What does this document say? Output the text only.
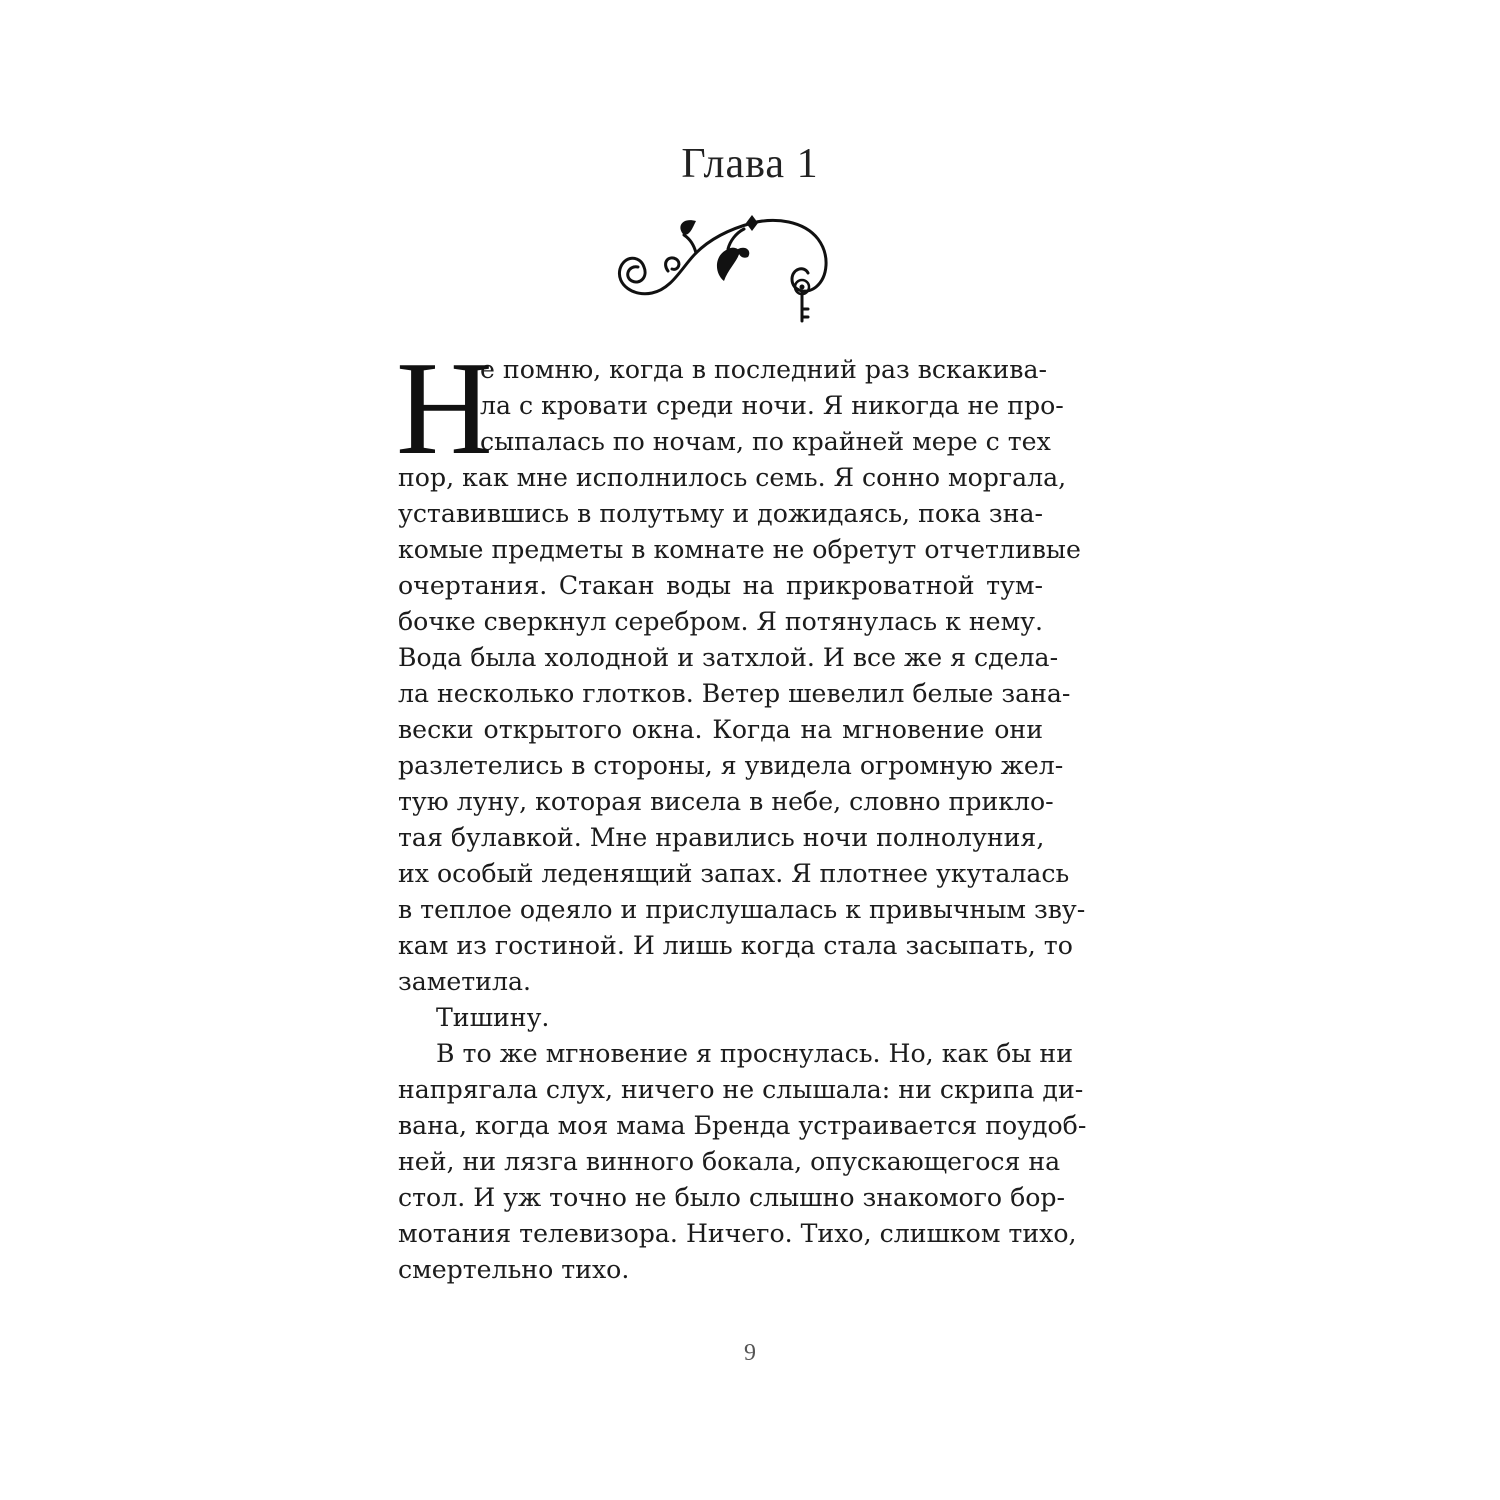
Глава 1
Н
е помню, когда в последний раз вскакива-
ла с кровати среди ночи. Я никогда не про-
сыпалась по ночам, по крайней мере с тех
пор, как мне исполнилось семь. Я сонно моргала,
уставившись в полутьму и дожидаясь, пока зна-
комые предметы в комнате не обретут отчетливые
очертания. Стакан воды на прикроватной тум-
бочке сверкнул серебром. Я потянулась к нему.
Вода была холодной и затхлой. И все же я сдела-
ла несколько глотков. Ветер шевелил белые зана-
вески открытого окна. Когда на мгновение они
разлетелись в стороны, я увидела огромную жел-
тую луну, которая висела в небе, словно прикло-
тая булавкой. Мне нравились ночи полнолуния,
их особый леденящий запах. Я плотнее укуталась
в теплое одеяло и прислушалась к привычным зву-
кам из гостиной. И лишь когда стала засыпать, то
заметила.
Тишину.
В то же мгновение я проснулась. Но, как бы ни
напрягала слух, ничего не слышала: ни скрипа ди-
вана, когда моя мама Бренда устраивается поудоб-
ней, ни лязга винного бокала, опускающегося на
стол. И уж точно не было слышно знакомого бор-
мотания телевизора. Ничего. Тихо, слишком тихо,
смертельно тихо.
9
